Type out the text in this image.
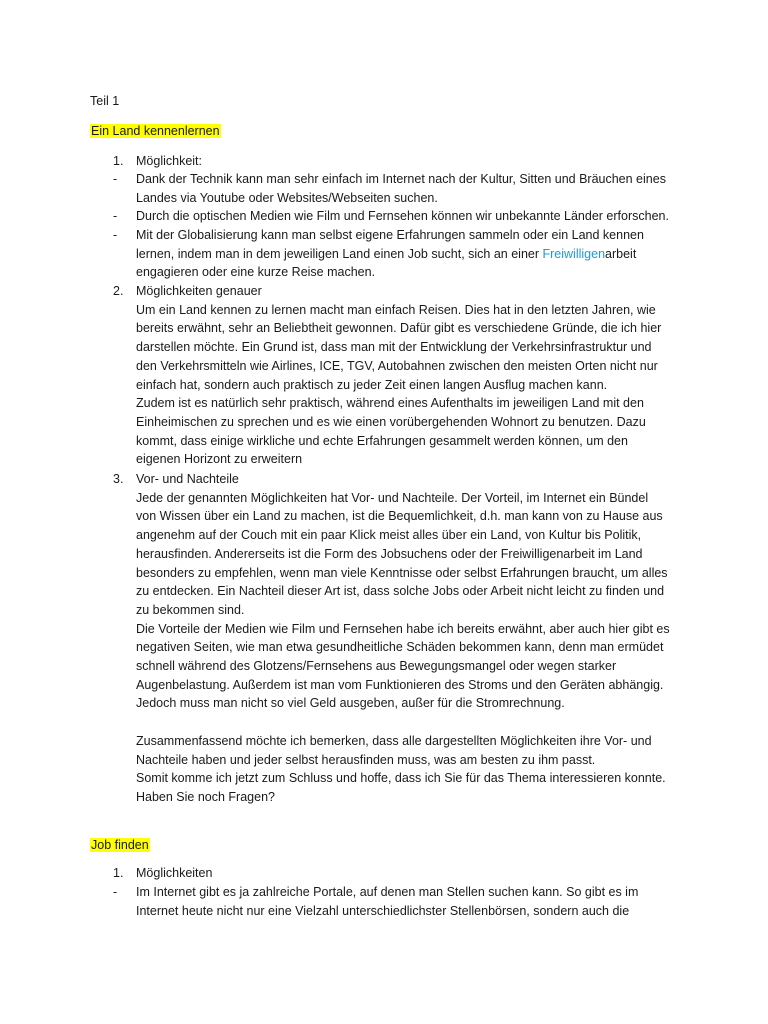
Teil 1

Ein Land kennenlernen

1. Möglichkeit:

- Dank der Technik kann man sehr einfach im Internet nach der Kultur, Sitten und Bräuchen eines
Landes via Youtube oder Websites/Webseiten suchen.

- Durch die optischen Medien wie Film und Fernsehen können wir unbekannte Länder erforschen.

- Mit der Globalisierung kann man selbst eigene Erfahrungen sammeln oder ein Land kennen
lernen, indem man in dem jeweiligen Land einen Job sucht, sich an einer Freiwilligenarbeit
engagieren oder eine kurze Reise machen.

2. Möglichkeiten genauer
Um ein Land kennen zu lernen macht man einfach Reisen. Dies hat in den letzten Jahren, wie
bereits erwähnt, sehr an Beliebtheit gewonnen. Dafür gibt es verschiedene Gründe, die ich hier
darstellen möchte. Ein Grund ist, dass man mit der Entwicklung der Verkehrsinfrastruktur und
den Verkehrsmitteln wie Airlines, ICE, TGV, Autobahnen zwischen den meisten Orten nicht nur
einfach hat, sondern auch praktisch zu jeder Zeit einen langen Ausflug machen kann.
Zudem ist es natürlich sehr praktisch, während eines Aufenthalts im jeweiligen Land mit den
Einheimischen zu sprechen und es wie einen vorübergehenden Wohnort zu benutzen. Dazu
kommt, dass einige wirkliche und echte Erfahrungen gesammelt werden können, um den
eigenen Horizont zu erweitern

3. Vor- und Nachteile
Jede der genannten Möglichkeiten hat Vor- und Nachteile. Der Vorteil, im Internet ein Bündel
von Wissen über ein Land zu machen, ist die Bequemlichkeit, d.h. man kann von zu Hause aus
angenehm auf der Couch mit ein paar Klick meist alles über ein Land, von Kultur bis Politik,
herausfinden. Andererseits ist die Form des Jobsuchens oder der Freiwilligenarbeit im Land
besonders zu empfehlen, wenn man viele Kenntnisse oder selbst Erfahrungen braucht, um alles
zu entdecken. Ein Nachteil dieser Art ist, dass solche Jobs oder Arbeit nicht leicht zu finden und
zu bekommen sind.
Die Vorteile der Medien wie Film und Fernsehen habe ich bereits erwähnt, aber auch hier gibt es
negativen Seiten, wie man etwa gesundheitliche Schäden bekommen kann, denn man ermüdet
schnell während des Glotzens/Fernsehens aus Bewegungsmangel oder wegen starker
Augenbelastung. Außerdem ist man vom Funktionieren des Stroms und den Geräten abhängig.
Jedoch muss man nicht so viel Geld ausgeben, außer für die Stromrechnung.

Zusammenfassend möchte ich bemerken, dass alle dargestellten Möglichkeiten ihre Vor- und
Nachteile haben und jeder selbst herausfinden muss, was am besten zu ihm passt.
Somit komme ich jetzt zum Schluss und hoffe, dass ich Sie für das Thema interessieren konnte.
Haben Sie noch Fragen?

Job finden

1. Möglichkeiten

- Im Internet gibt es ja zahlreiche Portale, auf denen man Stellen suchen kann. So gibt es im
Internet heute nicht nur eine Vielzahl unterschiedlichster Stellenbörsen, sondern auch die
